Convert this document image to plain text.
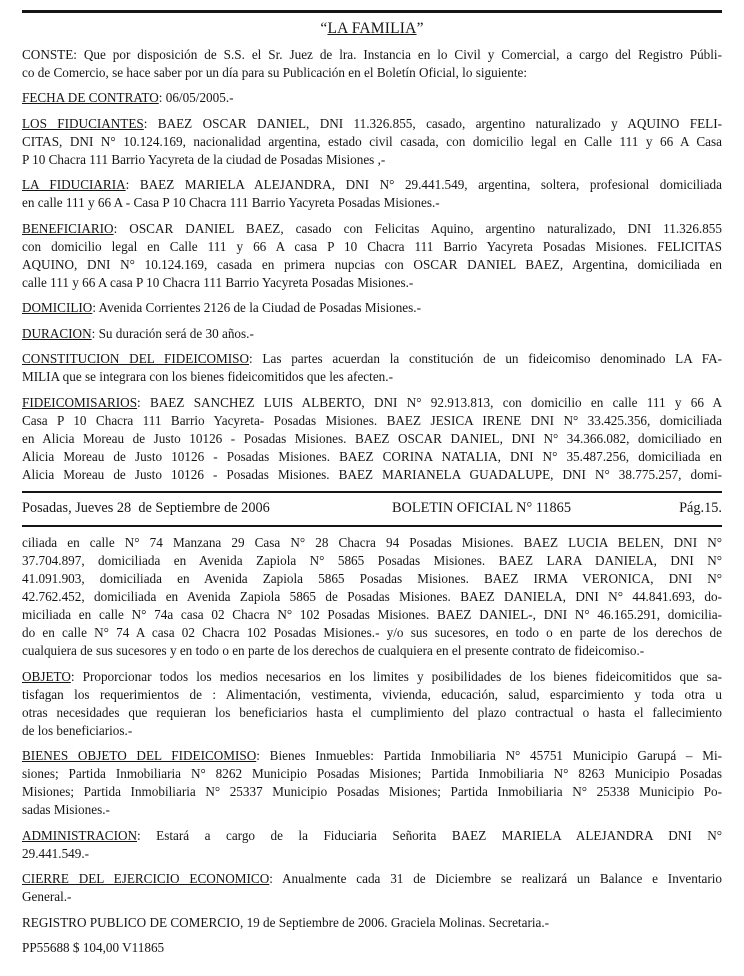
“LA FAMILIA”
CONSTE: Que por disposición de S.S. el Sr. Juez de lra. Instancia en lo Civil y Comercial, a cargo del Registro Públi-
co de Comercio, se hace saber por un día para su Publicación en el Boletín Oficial, lo siguiente:
FECHA DE CONTRATO: 06/05/2005.-
LOS FIDUCIANTES: BAEZ OSCAR DANIEL, DNI 11.326.855, casado, argentino naturalizado y AQUINO FELI-
CITAS, DNI N° 10.124.169, nacionalidad argentina, estado civil casada, con domicilio legal en Calle 111 y 66 A Casa
P 10 Chacra 111 Barrio Yacyreta de la ciudad de Posadas Misiones ,-
LA FIDUCIARIA: BAEZ MARIELA ALEJANDRA, DNI N° 29.441.549, argentina, soltera, profesional domiciliada
en calle 111 y 66 A - Casa P 10 Chacra 111 Barrio Yacyreta Posadas Misiones.-
BENEFICIARIO: OSCAR DANIEL BAEZ, casado con Felicitas Aquino, argentino naturalizado, DNI 11.326.855
con domicilio legal en Calle 111 y 66 A casa P 10 Chacra 111 Barrio Yacyreta Posadas Misiones. FELICITAS
AQUINO, DNI N° 10.124.169, casada en primera nupcias con OSCAR DANIEL BAEZ, Argentina, domiciliada en
calle 111 y 66 A casa P 10 Chacra 111 Barrio Yacyreta Posadas Misiones.-
DOMICILIO: Avenida Corrientes 2126 de la Ciudad de Posadas Misiones.-
DURACION: Su duración será de 30 años.-
CONSTITUCION DEL FIDEICOMISO: Las partes acuerdan la constitución de un fideicomiso denominado LA FA-
MILIA que se integrara con los bienes fideicomitidos que les afecten.-
FIDEICOMISARIOS: BAEZ SANCHEZ LUIS ALBERTO, DNI N° 92.913.813, con domicilio en calle 111 y 66 A
Casa P 10 Chacra 111 Barrio Yacyreta- Posadas Misiones. BAEZ JESICA IRENE DNI N° 33.425.356, domiciliada
en Alicia Moreau de Justo 10126 - Posadas Misiones. BAEZ OSCAR DANIEL, DNI N° 34.366.082, domiciliado en
Alicia Moreau de Justo 10126 - Posadas Misiones. BAEZ CORINA NATALIA, DNI N° 35.487.256, domiciliada en
Alicia Moreau de Justo 10126 - Posadas Misiones. BAEZ MARIANELA GUADALUPE, DNI N° 38.775.257, domi-
Posadas, Jueves 28  de Septiembre de 2006	BOLETIN OFICIAL N° 11865	Pág.15.
ciliada en calle N° 74 Manzana 29 Casa N° 28 Chacra 94 Posadas Misiones. BAEZ LUCIA BELEN, DNI N°
37.704.897, domiciliada en Avenida Zapiola N° 5865 Posadas Misiones. BAEZ LARA DANIELA, DNI N°
41.091.903, domiciliada en Avenida Zapiola 5865 Posadas Misiones. BAEZ IRMA VERONICA, DNI N°
42.762.452, domiciliada en Avenida Zapiola 5865 de Posadas Misiones. BAEZ DANIELA, DNI N° 44.841.693, do-
miciliada en calle N° 74a casa 02 Chacra N° 102 Posadas Misiones. BAEZ DANIEL-, DNI N° 46.165.291, domicilia-
do en calle N° 74 A casa 02 Chacra 102 Posadas Misiones.- y/o sus sucesores, en todo o en parte de los derechos de
cualquiera de sus sucesores y en todo o en parte de los derechos de cualquiera en el presente contrato de fideicomiso.-
OBJETO: Proporcionar todos los medios necesarios en los limites y posibilidades de los bienes fideicomitidos que sa-
tisfagan los requerimientos de : Alimentación, vestimenta, vivienda, educación, salud, esparcimiento y toda otra u
otras necesidades que requieran los beneficiarios hasta el cumplimiento del plazo contractual o hasta el fallecimiento
de los beneficiarios.-
BIENES OBJETO DEL FIDEICOMISO: Bienes Inmuebles: Partida Inmobiliaria N° 45751 Municipio Garupá – Mi-
siones; Partida Inmobiliaria N° 8262 Municipio Posadas Misiones; Partida Inmobiliaria N° 8263 Municipio Posadas
Misiones; Partida Inmobiliaria N° 25337 Municipio Posadas Misiones; Partida Inmobiliaria N° 25338 Municipio Po-
sadas Misiones.-
ADMINISTRACION: Estará a cargo de la Fiduciaria Señorita BAEZ MARIELA ALEJANDRA DNI N°
29.441.549.-
CIERRE DEL EJERCICIO ECONOMICO: Anualmente cada 31 de Diciembre se realizará un Balance e Inventario
General.-
REGISTRO PUBLICO DE COMERCIO, 19 de Septiembre de 2006. Graciela Molinas. Secretaria.-
PP55688 $ 104,00 V11865
